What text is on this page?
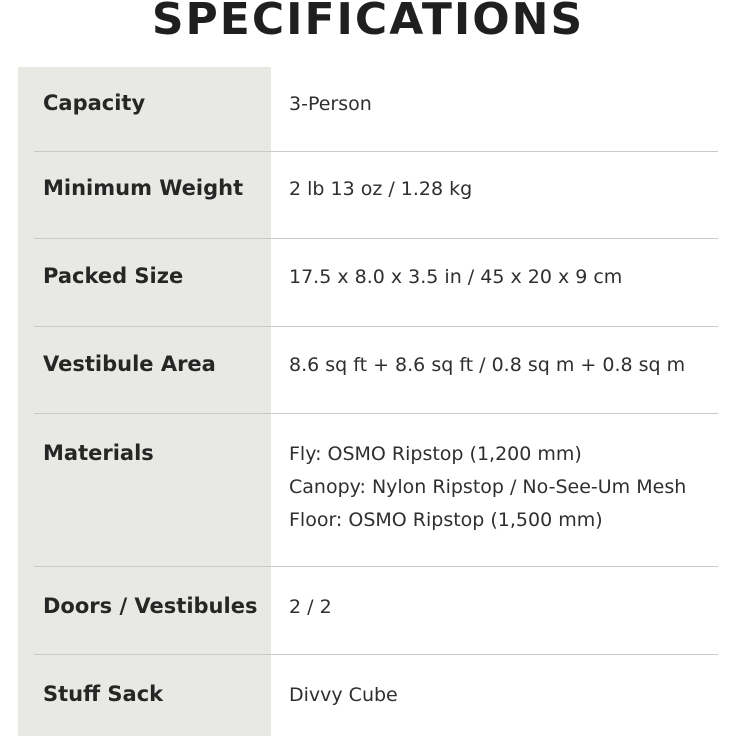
SPECIFICATIONS
Capacity	3-Person
Minimum Weight 2 lb 13 oz / 1.28 kg
Packed Size	17.5 x 8.0 x 3.5 in / 45 x 20 x 9 cm
Vestibule Area	8.6 sq ft + 8.6 sq ft / 0.8 sq m + 0.8 sq m
Materials	Fly: OSMO Ripstop (1,200 mm)
Canopy: Nylon Ripstop / No-See-Um Mesh
Floor: OSMO Ripstop (1,500 mm)
Doors / Vestibules 2 / 2
Stuff Sack	Divvy Cube
